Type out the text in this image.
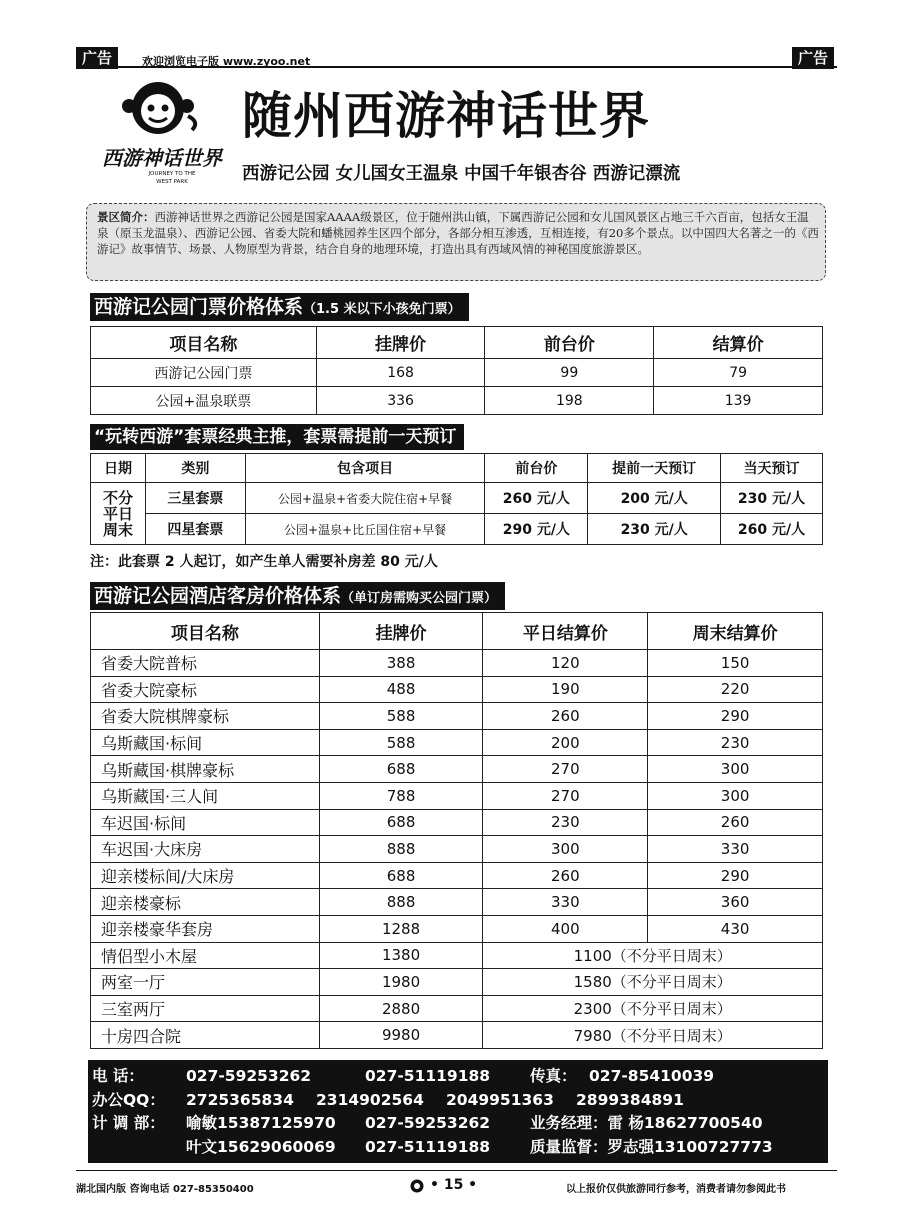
广告	欢迎浏览电子版 www.zyoo.net	广告
西游神话世界
JOURNEY TO THE WEST PARK
随州西游神话世界
西游记公园 女儿国女王温泉 中国千年银杏谷 西游记漂流
景区简介：西游神话世界之西游记公园是国家AAAA级景区，位于随州洪山镇，下属西游记公园和女儿国风景区占地三千六百亩，包括女王温泉（原玉龙温泉）、西游记公园、省委大院和蟠桃园养生区四个部分，各部分相互渗透，互相连接，有20多个景点。以中国四大名著之一的《西游记》故事情节、场景、人物原型为背景，结合自身的地理环境，打造出具有西域风情的神秘国度旅游景区。
西游记公园门票价格体系（1.5 米以下小孩免门票）
项目名称	挂牌价	前台价	结算价
西游记公园门票	168	99	79
公园+温泉联票	336	198	139
“玩转西游”套票经典主推，套票需提前一天预订
日期	类别	包含项目	前台价	提前一天预订	当天预订
不分平日周末	三星套票	公园+温泉+省委大院住宿+早餐	260 元/人	200 元/人	230 元/人
	四星套票	公园+温泉+比丘国住宿+早餐	290 元/人	230 元/人	260 元/人
注：此套票 2 人起订，如产生单人需要补房差 80 元/人
西游记公园酒店客房价格体系（单订房需购买公园门票）
项目名称	挂牌价	平日结算价	周末结算价
省委大院普标	388	120	150
省委大院豪标	488	190	220
省委大院棋牌豪标	588	260	290
乌斯藏国·标间	588	200	230
乌斯藏国·棋牌豪标	688	270	300
乌斯藏国·三人间	788	270	300
车迟国·标间	688	230	260
车迟国·大床房	888	300	330
迎亲楼标间/大床房	688	260	290
迎亲楼豪标	888	330	360
迎亲楼豪华套房	1288	400	430
情侣型小木屋	1380	1100（不分平日周末）	
两室一厅	1980	1580（不分平日周末）	
三室两厅	2880	2300（不分平日周末）	
十房四合院	9980	7980（不分平日周末）	
电 话：	027-59253262	027-51119188	传真： 027-85410039
办公QQ： 2725365834 2314902564 2049951363 2899384891
计 调 部： 喻敏15387125970 027-59253262	业务经理：雷 杨18627700540
叶文15629060069 027-51119188	质量监督：罗志强13100727773
湖北国内版 咨询电话 027-85350400	• 15 •	以上报价仅供旅游同行参考，消费者请勿参阅此书
